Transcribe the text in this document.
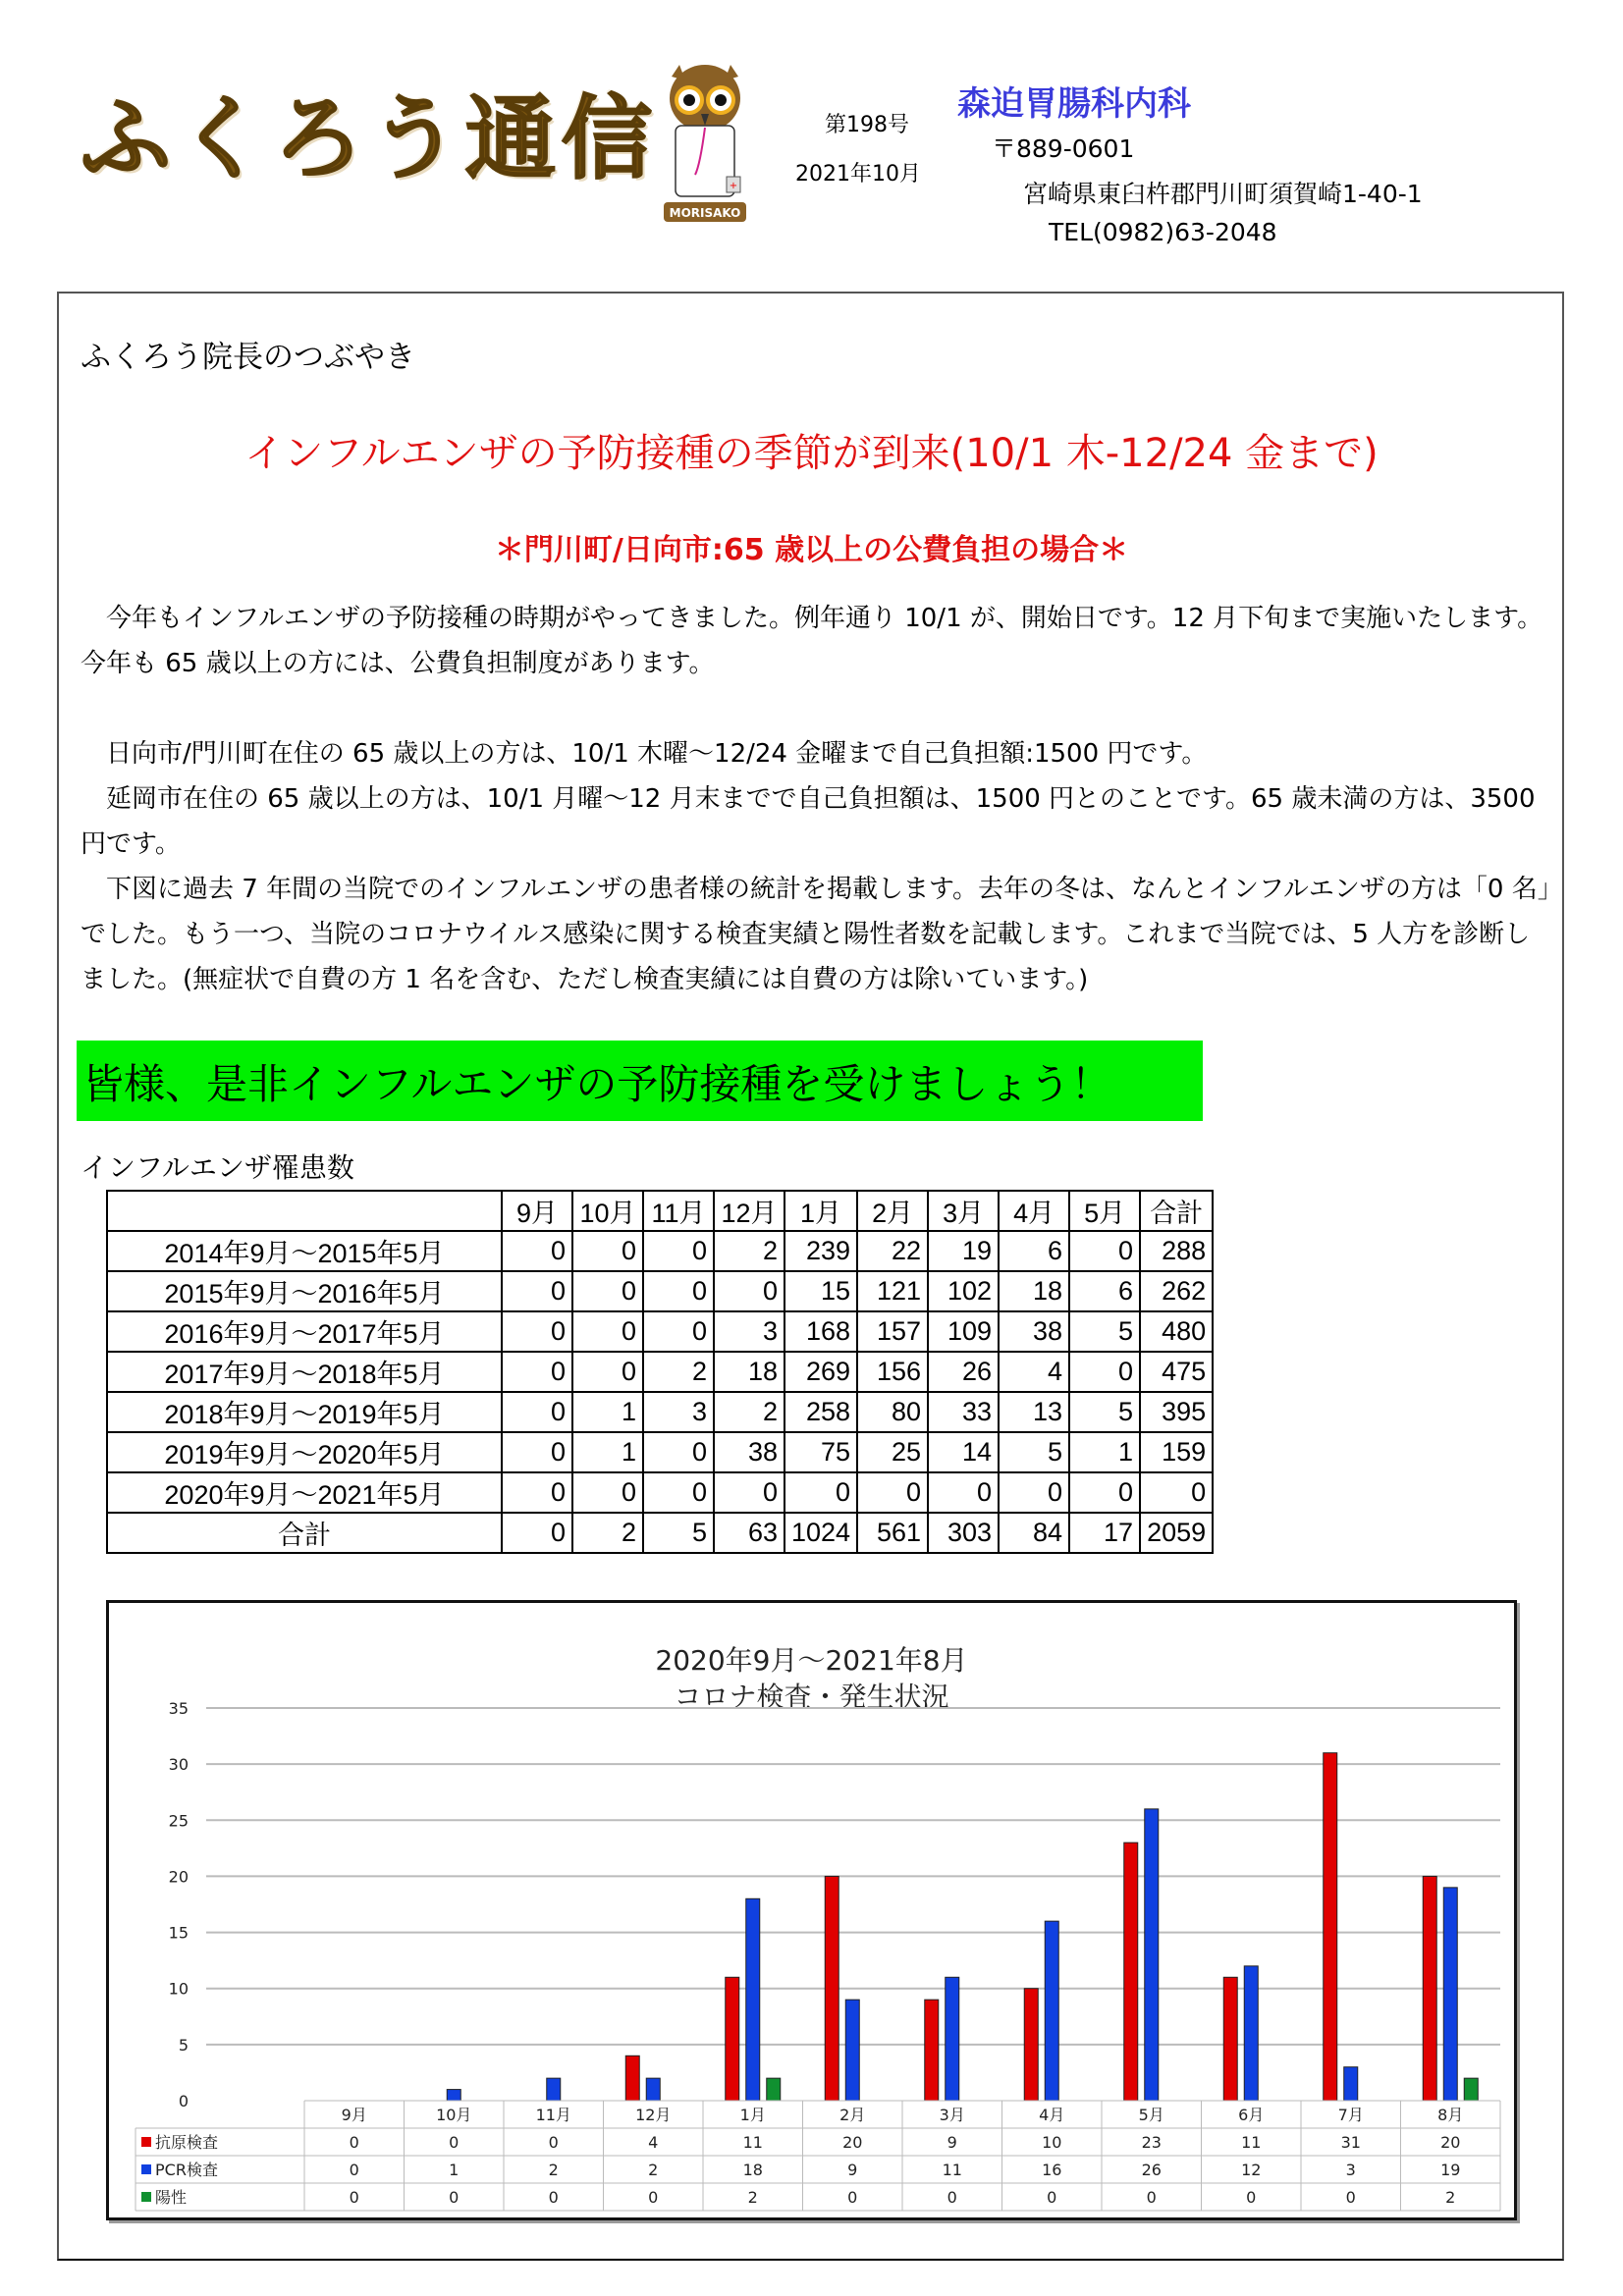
ふくろう通信	+
MORISAKO
第198号
2021年10月
森迫胃腸科内科
〒889-0601
宮崎県東臼杵郡門川町須賀崎1-40-1
TEL(0982)63-2048
ふくろう院長のつぶやき
インフルエンザの予防接種の季節が到来(10/1 木-12/24 金まで)
＊門川町/日向市:65 歳以上の公費負担の場合＊
　今年もインフルエンザの予防接種の時期がやってきました。例年通り 10/1 が、開始日です。12 月下旬まで実施いたします。今年も 65 歳以上の方には、公費負担制度があります。
　日向市/門川町在住の 65 歳以上の方は、10/1 木曜〜12/24 金曜まで自己負担額:1500 円です。
　延岡市在住の 65 歳以上の方は、10/1 月曜〜12 月末までで自己負担額は、1500 円とのことです。65 歳未満の方は、3500 円です。
　下図に過去 7 年間の当院でのインフルエンザの患者様の統計を掲載します。去年の冬は、なんとインフルエンザの方は「0 名」でした。もう一つ、当院のコロナウイルス感染に関する検査実績と陽性者数を記載します。これまで当院では、5 人方を診断しました。(無症状で自費の方 1 名を含む、ただし検査実績には自費の方は除いています。)
皆様、是非インフルエンザの予防接種を受けましょう！
インフルエンザ罹患数
	9月	10月	11月	12月	1月	2月	3月	4月	5月	合計
2014年9月～2015年5月	0	0	0	2	239	22	19	6	0	288
2015年9月～2016年5月	0	0	0	0	15	121	102	18	6	262
2016年9月～2017年5月	0	0	0	3	168	157	109	38	5	480
2017年9月～2018年5月	0	0	2	18	269	156	26	4	0	475
2018年9月～2019年5月	0	1	3	2	258	80	33	13	5	395
2019年9月～2020年5月	0	1	0	38	75	25	14	5	1	159
2020年9月～2021年5月	0	0	0	0	0	0	0	0	0	0
合計	0	2	5	63	1024	561	303	84	17	2059
2020年9月～2021年8月
コロナ検査・発生状況
0
5
10
15
20
25
30
35
9月	10月	11月	12月	1月	2月	3月	4月	5月	6月	7月	8月
抗原検査	0	0	0	4	11	20	9	10	23	11	31	20
PCR検査	0	1	2	2	18	9	11	16	26	12	3	19
陽性	0	0	0	0	2	0	0	0	0	0	0	2
